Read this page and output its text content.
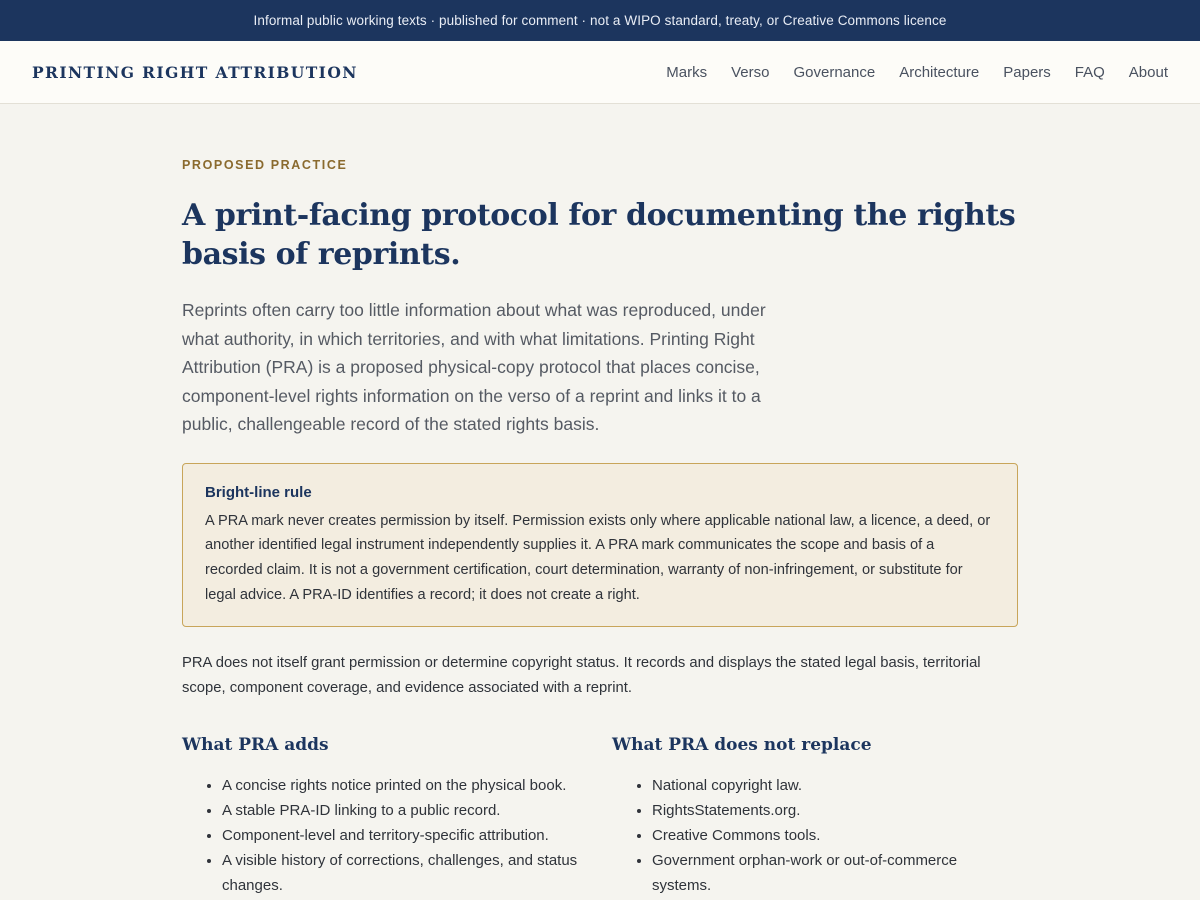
Informal public working texts · published for comment · not a WIPO standard, treaty, or Creative Commons licence
PRINTING RIGHT ATTRIBUTION	Marks Verso Governance Architecture Papers FAQ About
PROPOSED PRACTICE
A print-facing protocol for documenting the rights basis of reprints.

Reprints often carry too little information about what was reproduced, under what authority, in which territories, and with what limitations. Printing Right Attribution (PRA) is a proposed physical-copy protocol that places concise, component-level rights information on the verso of a reprint and links it to a public, challengeable record of the stated rights basis.

Bright-line rule

A PRA mark never creates permission by itself. Permission exists only where applicable national law, a licence, a deed, or another identified legal instrument independently supplies it. A PRA mark communicates the scope and basis of a recorded claim. It is not a government certification, court determination, warranty of non-infringement, or substitute for legal advice. A PRA-ID identifies a record; it does not create a right.

PRA does not itself grant permission or determine copyright status. It records and displays the stated legal basis, territorial scope, component coverage, and evidence associated with a reprint.

What PRA adds
• A concise rights notice printed on the physical book.
• A stable PRA-ID linking to a public record.
• Component-level and territory-specific attribution.
• A visible history of corrections, challenges, and status changes.
What PRA does not replace
• National copyright law.
• RightsStatements.org.
• Creative Commons tools.
• Government orphan-work or out-of-commerce systems.
